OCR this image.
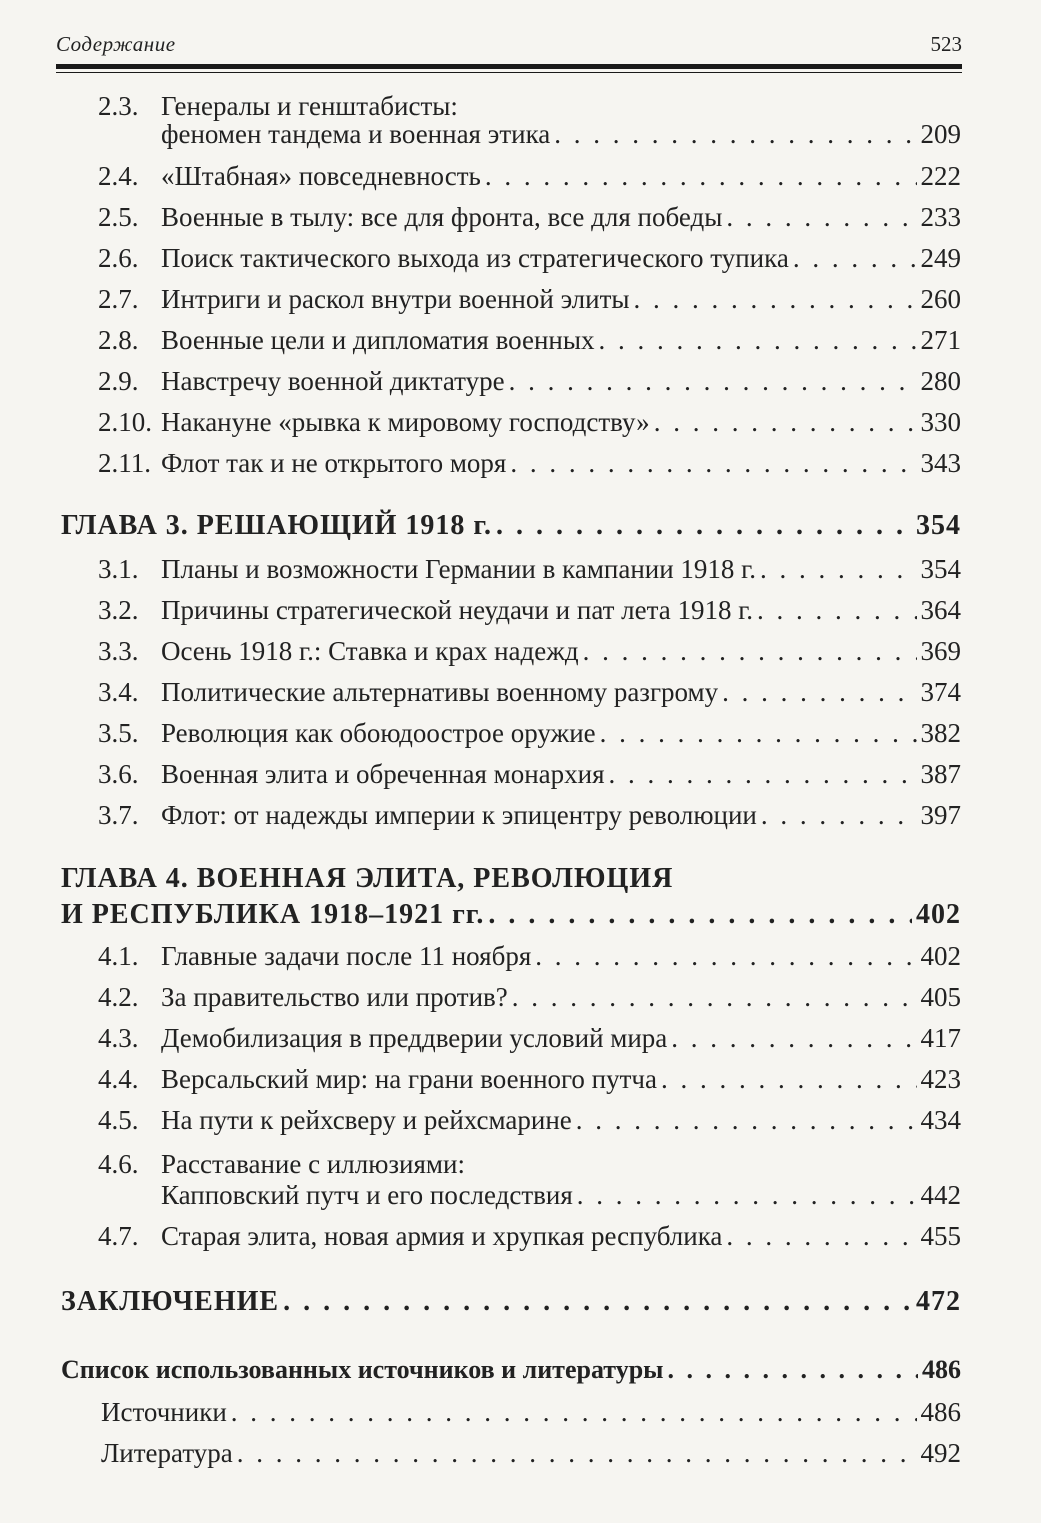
Содержание	523
2.3. Генералы и генштабисты:
феномен тандема и военная этика . . .	209
2.4. «Штабная» повседневность . . .	222
2.5. Военные в тылу: все для фронта, все для победы . . .	233
2.6. Поиск тактического выхода из стратегического тупика . . .	249
2.7. Интриги и раскол внутри военной элиты . . .	260
2.8. Военные цели и дипломатия военных . . .	271
2.9. Навстречу военной диктатуре . . .	280
2.10. Накануне «рывка к мировому господству» . . .	330
2.11. Флот так и не открытого моря . . .	343
ГЛАВА 3. РЕШАЮЩИЙ 1918 г. . . .	354
3.1. Планы и возможности Германии в кампании 1918 г. . . .	354
3.2. Причины стратегической неудачи и пат лета 1918 г. . . .	364
3.3. Осень 1918 г.: Ставка и крах надежд . . .	369
3.4. Политические альтернативы военному разгрому . . .	374
3.5. Революция как обоюдоострое оружие . . .	382
3.6. Военная элита и обреченная монархия . . .	387
3.7. Флот: от надежды империи к эпицентру революции . . .	397
ГЛАВА 4. ВОЕННАЯ ЭЛИТА, РЕВОЛЮЦИЯ
И РЕСПУБЛИКА 1918–1921 гг. . . .	402
4.1. Главные задачи после 11 ноября . . .	402
4.2. За правительство или против? . . .	405
4.3. Демобилизация в преддверии условий мира . . .	417
4.4. Версальский мир: на грани военного путча . . .	423
4.5. На пути к рейхсверу и рейхсмарине . . .	434
4.6. Расставание с иллюзиями:
Капповский путч и его последствия . . .	442
4.7. Старая элита, новая армия и хрупкая республика . . .	455
ЗАКЛЮЧЕНИЕ . . .	472
Список использованных источников и литературы . . .	486
Источники . . .	486
Литература . . .	492
